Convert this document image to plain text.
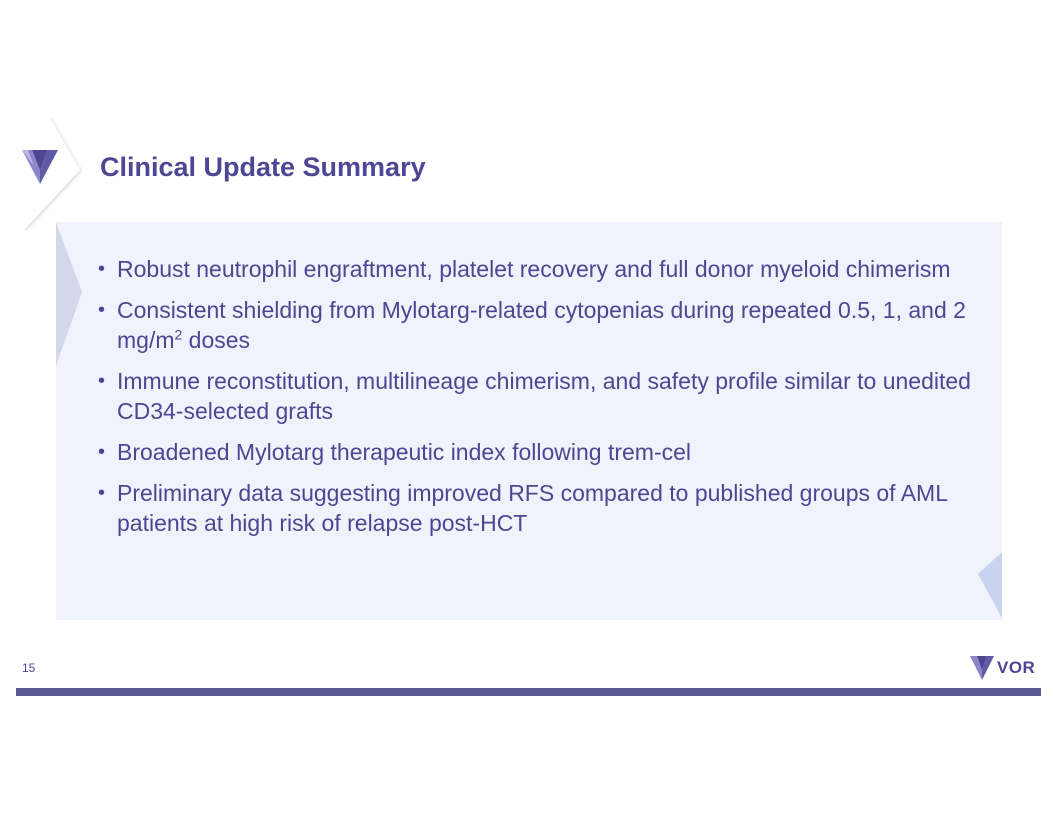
Clinical Update Summary
• Robust neutrophil engraftment, platelet recovery and full donor myeloid chimerism
• Consistent shielding from Mylotarg-related cytopenias during repeated 0.5, 1, and 2 $mg/m^2$ doses
• Immune reconstitution, multilineage chimerism, and safety profile similar to unedited CD34-selected grafts
• Broadened Mylotarg therapeutic index following trem-cel
• Preliminary data suggesting improved RFS compared to published groups of AML patients at high risk of relapse post-HCT
15	VOR
